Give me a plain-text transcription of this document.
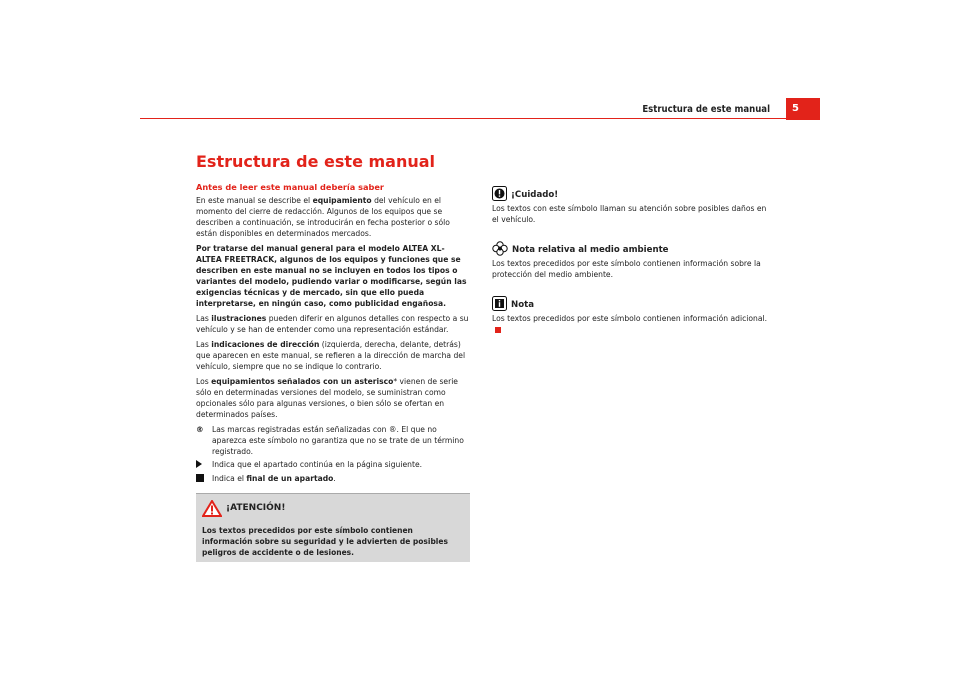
Estructura de este manual	5
Estructura de este manual
Antes de leer este manual debería saber

En este manual se describe el equipamiento del vehículo en el momento del cierre de redacción. Algunos de los equipos que se describen a continuación, se introducirán en fecha posterior o sólo están disponibles en determinados mercados.

Por tratarse del manual general para el modelo ALTEA XL- ALTEA FREETRACK, algunos de los equipos y funciones que se describen en este manual no se incluyen en todos los tipos o variantes del modelo, pudiendo variar o modificarse, según las exigencias técnicas y de mercado, sin que ello pueda interpretarse, en ningún caso, como publicidad engañosa.

Las ilustraciones pueden diferir en algunos detalles con respecto a su vehículo y se han de entender como una representación estándar.

Las indicaciones de dirección (izquierda, derecha, delante, detrás) que aparecen en este manual, se refieren a la dirección de marcha del vehículo, siempre que no se indique lo contrario.

Los equipamientos señalados con un asterisco* vienen de serie sólo en determinadas versiones del modelo, se suministran como opcionales sólo para algunas versiones, o bien sólo se ofertan en determinados países.

®	Las marcas registradas están señalizadas con ®. El que no aparezca este símbolo no garantiza que no se trate de un término registrado.
Indica que el apartado continúa en la página siguiente.
Indica el final de un apartado.
¡ATENCIÓN!
Los textos precedidos por este símbolo contienen información sobre su seguridad y le advierten de posibles peligros de accidente o de lesiones.
¡Cuidado!
Los textos con este símbolo llaman su atención sobre posibles daños en el vehículo.
Nota relativa al medio ambiente
Los textos precedidos por este símbolo contienen información sobre la protección del medio ambiente.
Nota
Los textos precedidos por este símbolo contienen información adicional.
